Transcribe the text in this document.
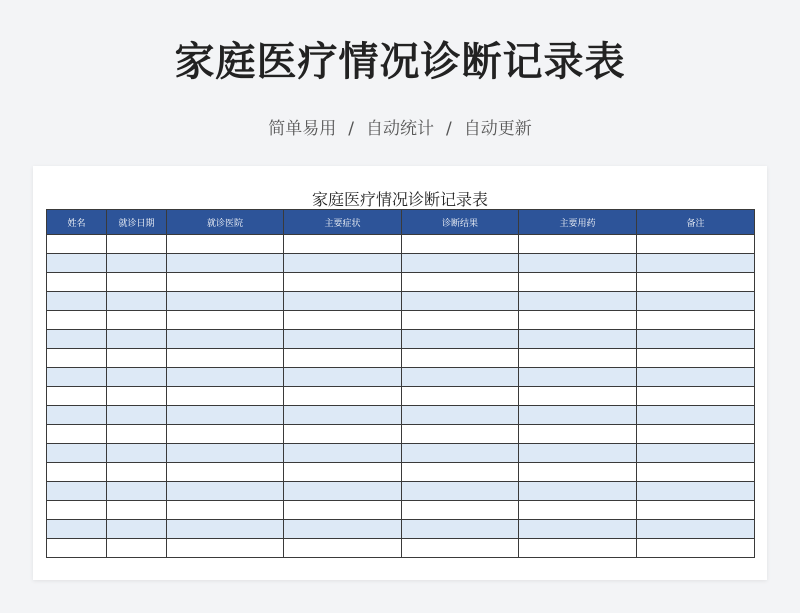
家庭医疗情况诊断记录表
简单易用 / 自动统计 / 自动更新
家庭医疗情况诊断记录表
姓名	就诊日期	就诊医院	主要症状	诊断结果	主要用药	备注
